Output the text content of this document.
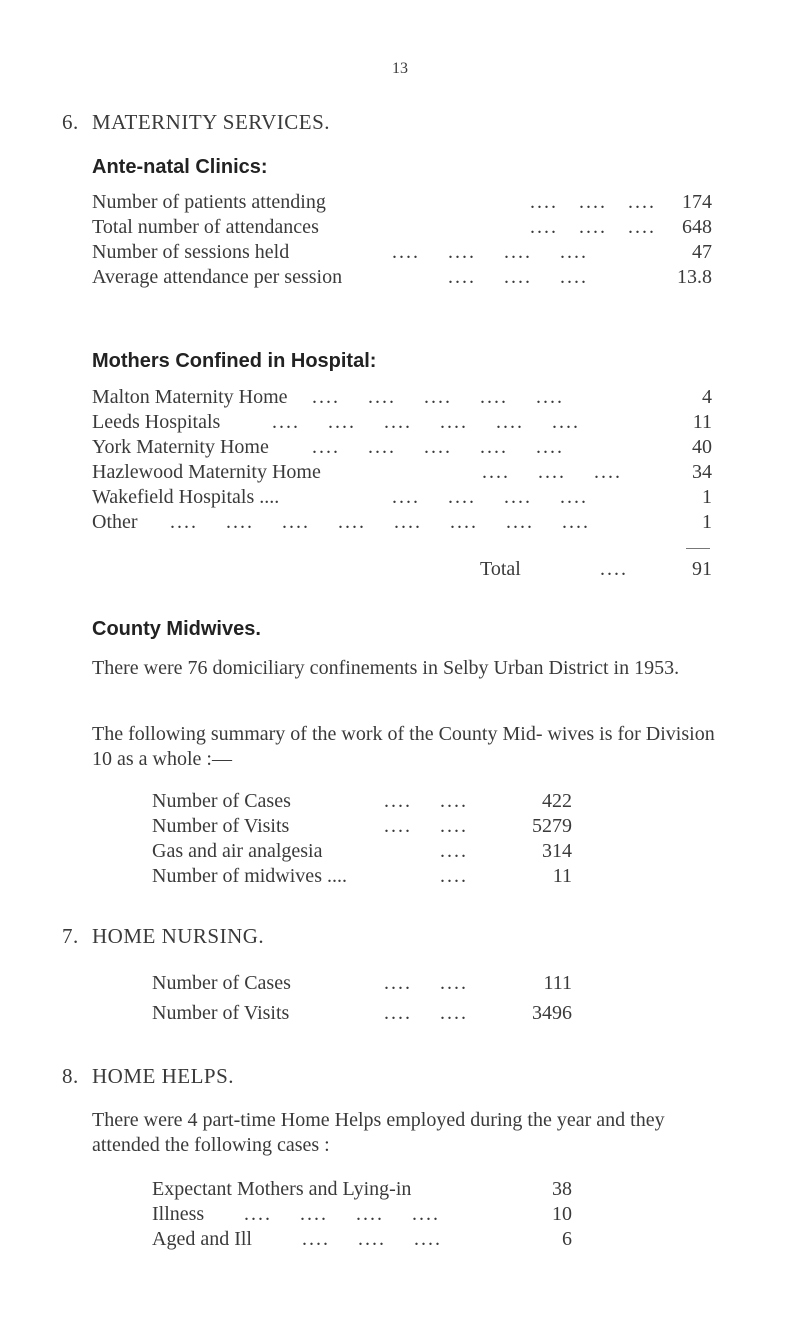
13
6. MATERNITY SERVICES.
Ante-natal Clinics:
Number of patients attending	....   ....   .... 174
Total number of attendances	....   ....   .... 648
Number of sessions held	....    ....    ....    ....	47
Average attendance per session	....    ....    ....	13.8
Mothers Confined in Hospital:
Malton Maternity Home ....    ....    ....    ....    ....	4
Leeds Hospitals	....    ....    ....    ....    ....    ....	11
York Maternity Home ....    ....    ....    ....    ....	40
Hazlewood Maternity Home	....    ....    ....	34
Wakefield Hospitals ....	....    ....    ....    ....	1
Other ....    ....    ....    ....    ....    ....    ....    ....	1
Total	....	91
County Midwives.
There were 76 domiciliary confinements in Selby Urban District in 1953.
The following summary of the work of the County Mid- wives is for Division 10 as a whole :—
Number of Cases	....    ....	422
Number of Visits	....    ....	5279
Gas and air analgesia	....	314
Number of midwives ....	....	11
7. HOME NURSING.
Number of Cases	....    ....	111
Number of Visits	....    ....	3496
8. HOME HELPS.
There were 4 part-time Home Helps employed during the year and they attended the following cases :
Expectant Mothers and Lying-in	38
Illness ....    ....    ....    ....	10
Aged and Ill	....    ....    ....	6
